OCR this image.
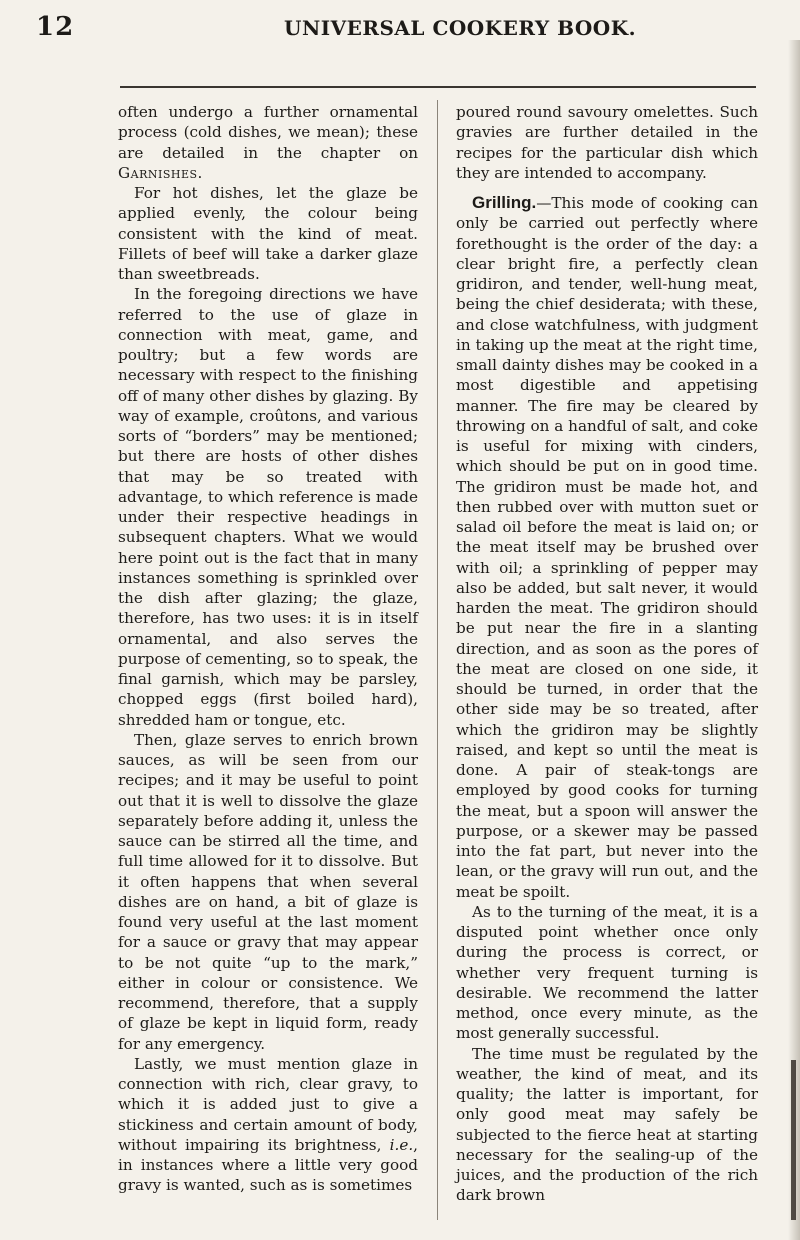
12	UNIVERSAL COOKERY BOOK.

often undergo a further ornamental process (cold dishes, we mean); these are detailed in the chapter on Garnishes.

For hot dishes, let the glaze be applied evenly, the colour being consistent with the kind of meat. Fillets of beef will take a darker glaze than sweetbreads.

In the foregoing directions we have referred to the use of glaze in connection with meat, game, and poultry; but a few words are necessary with respect to the finishing off of many other dishes by glazing. By way of example, croûtons, and various sorts of “borders” may be mentioned; but there are hosts of other dishes that may be so treated with advantage, to which reference is made under their respective headings in subsequent chapters. What we would here point out is the fact that in many instances something is sprinkled over the dish after glazing; the glaze, therefore, has two uses: it is in itself ornamental, and also serves the purpose of cementing, so to speak, the final garnish, which may be parsley, chopped eggs (first boiled hard), shredded ham or tongue, etc.

Then, glaze serves to enrich brown sauces, as will be seen from our recipes; and it may be useful to point out that it is well to dissolve the glaze separately before adding it, unless the sauce can be stirred all the time, and full time allowed for it to dissolve. But it often happens that when several dishes are on hand, a bit of glaze is found very useful at the last moment for a sauce or gravy that may appear to be not quite “up to the mark,” either in colour or consistence. We recommend, therefore, that a supply of glaze be kept in liquid form, ready for any emergency.

Lastly, we must mention glaze in connection with rich, clear gravy, to which it is added just to give a stickiness and certain amount of body, without impairing its brightness, i.e., in instances where a little very good gravy is wanted, such as is sometimes

poured round savoury omelettes. Such gravies are further detailed in the recipes for the particular dish which they are intended to accompany.

Grilling.—This mode of cooking can only be carried out perfectly where forethought is the order of the day: a clear bright fire, a perfectly clean gridiron, and tender, well-hung meat, being the chief desiderata; with these, and close watchfulness, with judgment in taking up the meat at the right time, small dainty dishes may be cooked in a most digestible and appetising manner. The fire may be cleared by throwing on a handful of salt, and coke is useful for mixing with cinders, which should be put on in good time. The gridiron must be made hot, and then rubbed over with mutton suet or salad oil before the meat is laid on; or the meat itself may be brushed over with oil; a sprinkling of pepper may also be added, but salt never, it would harden the meat. The gridiron should be put near the fire in a slanting direction, and as soon as the pores of the meat are closed on one side, it should be turned, in order that the other side may be so treated, after which the gridiron may be slightly raised, and kept so until the meat is done. A pair of steak-tongs are employed by good cooks for turning the meat, but a spoon will answer the purpose, or a skewer may be passed into the fat part, but never into the lean, or the gravy will run out, and the meat be spoilt.

As to the turning of the meat, it is a disputed point whether once only during the process is correct, or whether very frequent turning is desirable. We recommend the latter method, once every minute, as the most generally successful.

The time must be regulated by the weather, the kind of meat, and its quality; the latter is important, for only good meat may safely be subjected to the fierce heat at starting necessary for the sealing-up of the juices, and the production of the rich dark brown
